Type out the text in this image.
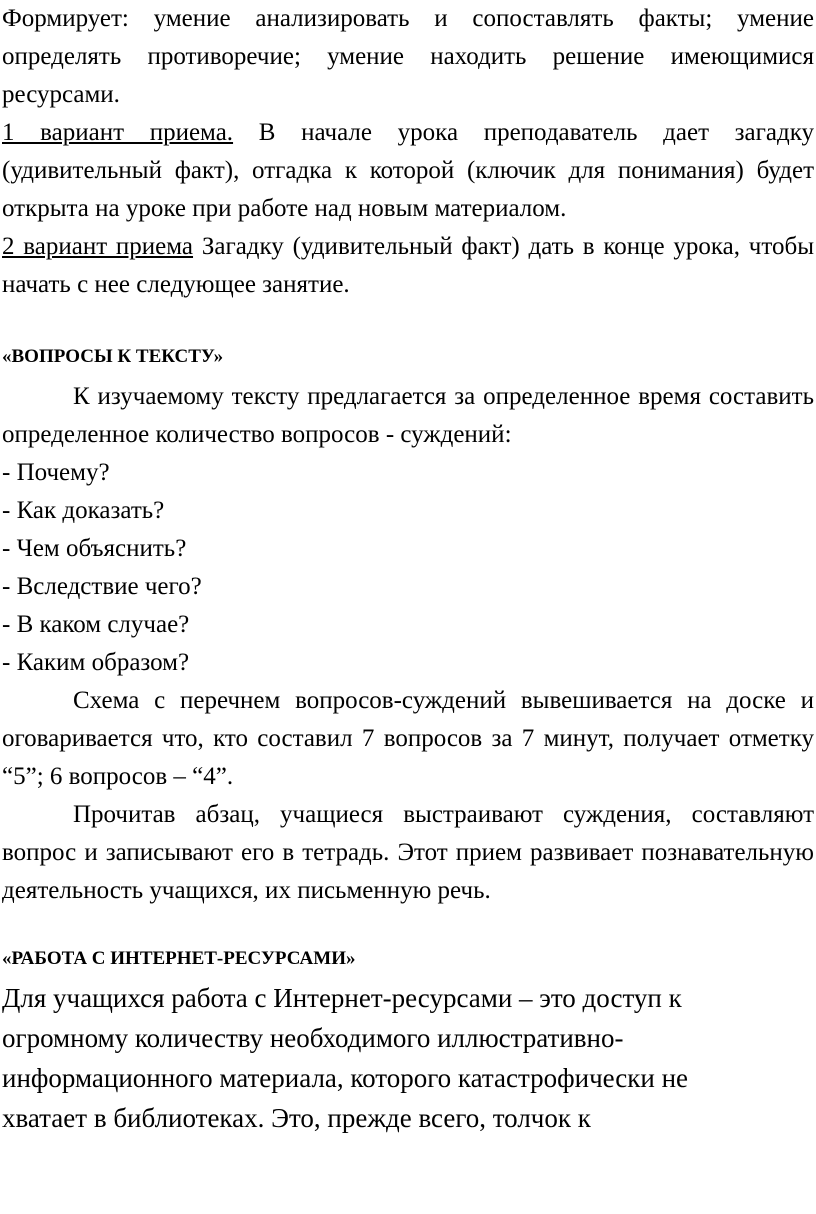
Формирует: умение анализировать и сопоставлять факты; умение определять противоречие; умение находить решение имеющимися ресурсами.

1 вариант приема. В начале урока преподаватель дает загадку (удивительный факт), отгадка к которой (ключик для понимания) будет открыта на уроке при работе над новым материалом.

2 вариант приема Загадку (удивительный факт) дать в конце урока, чтобы начать с нее следующее занятие.

«ВОПРОСЫ К ТЕКСТУ»

К изучаемому тексту предлагается за определенное время составить определенное количество вопросов - суждений:

- Почему?

- Как доказать?

- Чем объяснить?

- Вследствие чего?

- В каком случае?

- Каким образом?

Схема с перечнем вопросов-суждений вывешивается на доске и оговаривается что, кто составил 7 вопросов за 7 минут, получает отметку “5”; 6 вопросов – “4”.

Прочитав абзац, учащиеся выстраивают суждения, составляют вопрос и записывают его в тетрадь. Этот прием развивает познавательную деятельность учащихся, их письменную речь.

«РАБОТА С ИНТЕРНЕТ-РЕСУРСАМИ»

Для учащихся работа с Интернет-ресурсами – это доступ к

огромному количеству необходимого иллюстративно-

информационного материала, которого катастрофически не

хватает в библиотеках. Это, прежде всего, толчок к
